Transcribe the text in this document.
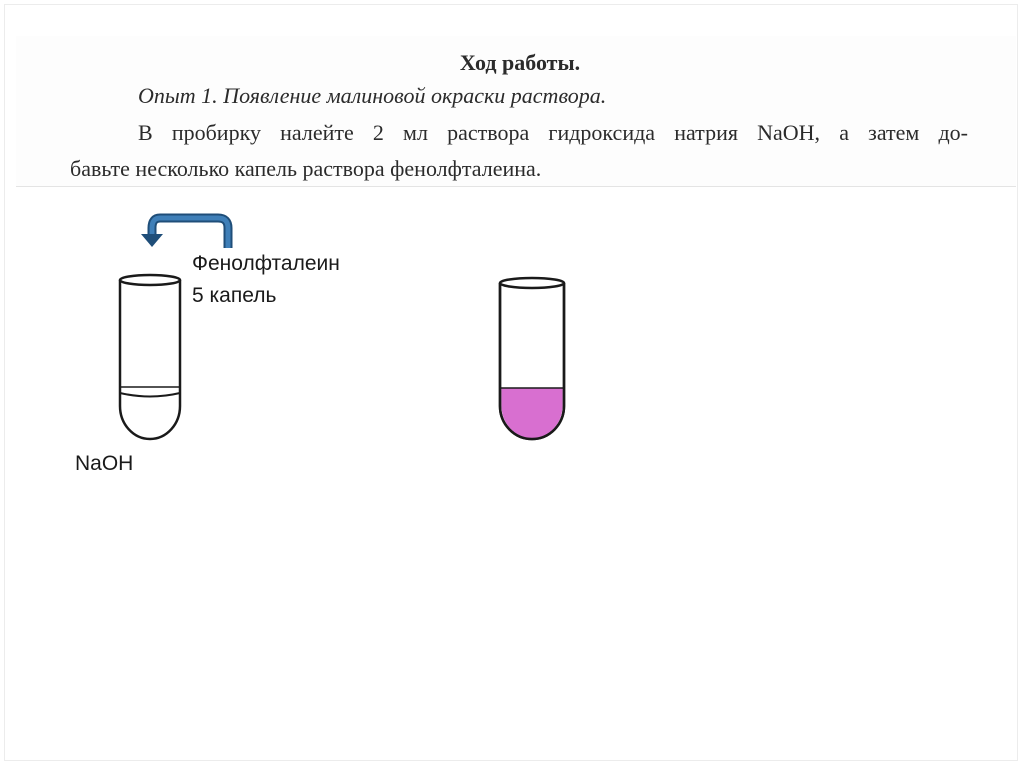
Ход работы.
Опыт 1. Появление малиновой окраски раствора.
В пробирку налейте 2 мл раствора гидроксида натрия NaOH, а затем до-
бавьте несколько капель раствора фенолфталеина.
Фенолфталеин
5 капель
NaOH
